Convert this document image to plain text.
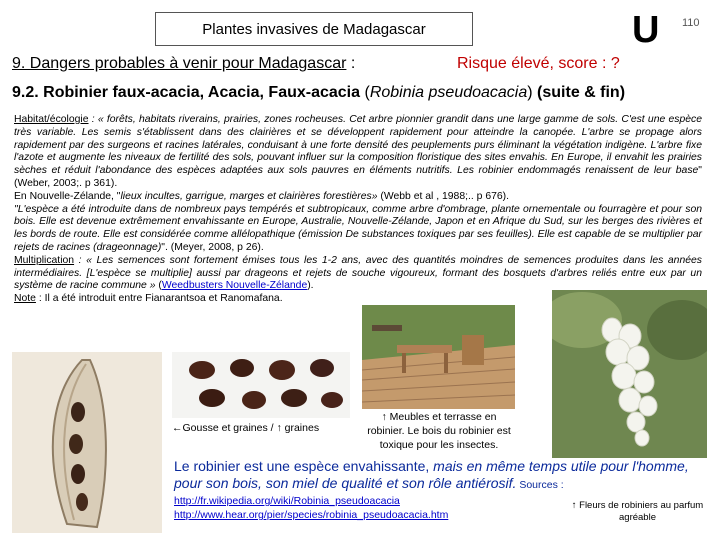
Plantes invasives de Madagascar	U 110
9. Dangers probables à venir pour Madagascar :	Risque élevé, score : ?
9.2. Robinier faux-acacia, Acacia, Faux-acacia (Robinia pseudoacacia) (suite & fin)

Habitat/écologie : « forêts, habitats riverains, prairies, zones rocheuses. Cet arbre pionnier grandit dans une large gamme de sols. C'est une espèce très variable. Les semis s'établissent dans des clairières et se développent rapidement pour atteindre la canopée. L'arbre se propage alors rapidement par des surgeons et racines latérales, conduisant à une forte densité des peuplements purs éliminant la végétation indigène. L'arbre fixe l'azote et augmente les niveaux de fertilité des sols, pouvant influer sur la composition floristique des sites envahis. En Europe, il envahit les prairies sèches et réduit l'abondance des espèces adaptées aux sols pauvres en éléments nutritifs. Les robinier endommagés renaissent de leur base" (Weber, 2003;. p 361).

En Nouvelle-Zélande, "lieux incultes, garrigue, marges et clairières forestières» (Webb et al , 1988;.. p 676).

"L'espèce a été introduite dans de nombreux pays tempérés et subtropicaux, comme arbre d'ombrage, plante ornementale ou fourragère et pour son bois. Elle est devenue extrêmement envahissante en Europe, Australie, Nouvelle-Zélande, Japon et en Afrique du Sud, sur les berges des rivières et les bords de route. Elle est considérée comme allélopathique (émission De substances toxiques par ses feuilles). Elle est capable de se multiplier par rejets de racines (drageonnage)". (Meyer, 2008, p 26).

Multiplication : « Les semences sont fortement émises tous les 1-2 ans, avec des quantités moindres de semences produites dans les années intermédiaires. [L'espèce se multiplie] aussi par drageons et rejets de souche vigoureux, formant des bosquets d'arbres reliés entre eux par un système de racine commune » (Weedbusters Nouvelle-Zélande).

Note : Il a été introduit entre Fianarantsoa et Ranomafana.

←Gousse et graines / ↑ graines
↑ Meubles et terrasse en robinier. Le bois du robinier est toxique pour les insectes.
Le robinier est une espèce envahissante, mais en même temps utile pour l'homme, pour son bois, son miel de qualité et son rôle antiérosif. Sources :
http://fr.wikipedia.org/wiki/Robinia_pseudoacacia
http://www.hear.org/pier/species/robinia_pseudoacacia.htm
↑ Fleurs de robiniers au parfum agréable
